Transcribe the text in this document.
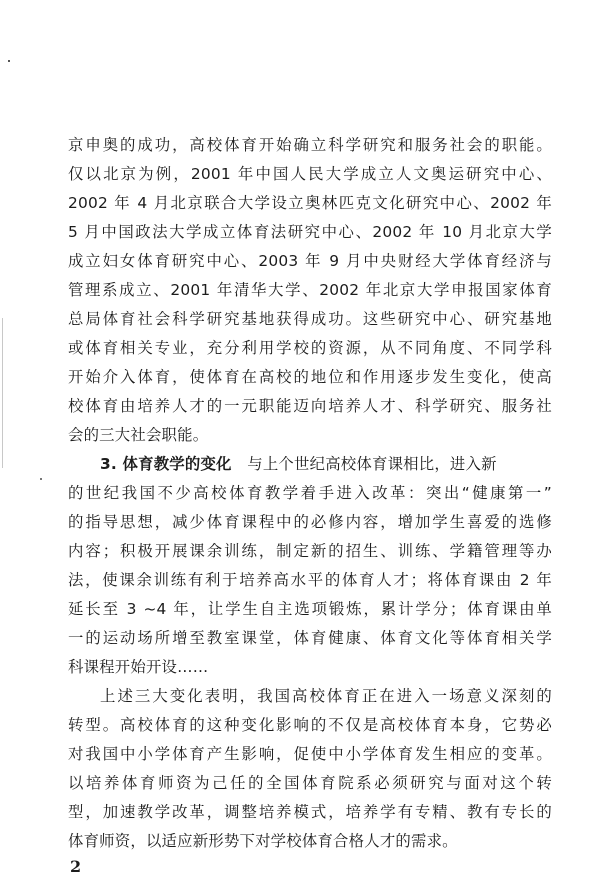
京申奥的成功，高校体育开始确立科学研究和服务社会的职能。
仅以北京为例，2001 年中国人民大学成立人文奥运研究中心、
2002 年 4 月北京联合大学设立奥林匹克文化研究中心、2002 年
5 月中国政法大学成立体育法研究中心、2002 年 10 月北京大学
成立妇女体育研究中心、2003 年 9 月中央财经大学体育经济与
管理系成立、2001 年清华大学、2002 年北京大学申报国家体育
总局体育社会科学研究基地获得成功。这些研究中心、研究基地
或体育相关专业，充分利用学校的资源，从不同角度、不同学科
开始介入体育，使体育在高校的地位和作用逐步发生变化，使高
校体育由培养人才的一元职能迈向培养人才、科学研究、服务社
会的三大社会职能。
3. 体育教学的变化　 与上个世纪高校体育课相比，进入新
的世纪我国不少高校体育教学着手进入改革：突出“健康第一”
的指导思想，减少体育课程中的必修内容，增加学生喜爱的选修
内容；积极开展课余训练，制定新的招生、训练、学籍管理等办
法，使课余训练有利于培养高水平的体育人才；将体育课由 2 年
延长至 3 ~4 年，让学生自主选项锻炼，累计学分；体育课由单
一的运动场所增至教室课堂，体育健康、体育文化等体育相关学
科课程开始开设……
上述三大变化表明，我国高校体育正在进入一场意义深刻的
转型。高校体育的这种变化影响的不仅是高校体育本身，它势必
对我国中小学体育产生影响，促使中小学体育发生相应的变革。
以培养体育师资为己任的全国体育院系必须研究与面对这个转
型，加速教学改革，调整培养模式，培养学有专精、教有专长的
体育师资，以适应新形势下对学校体育合格人才的需求。
2
